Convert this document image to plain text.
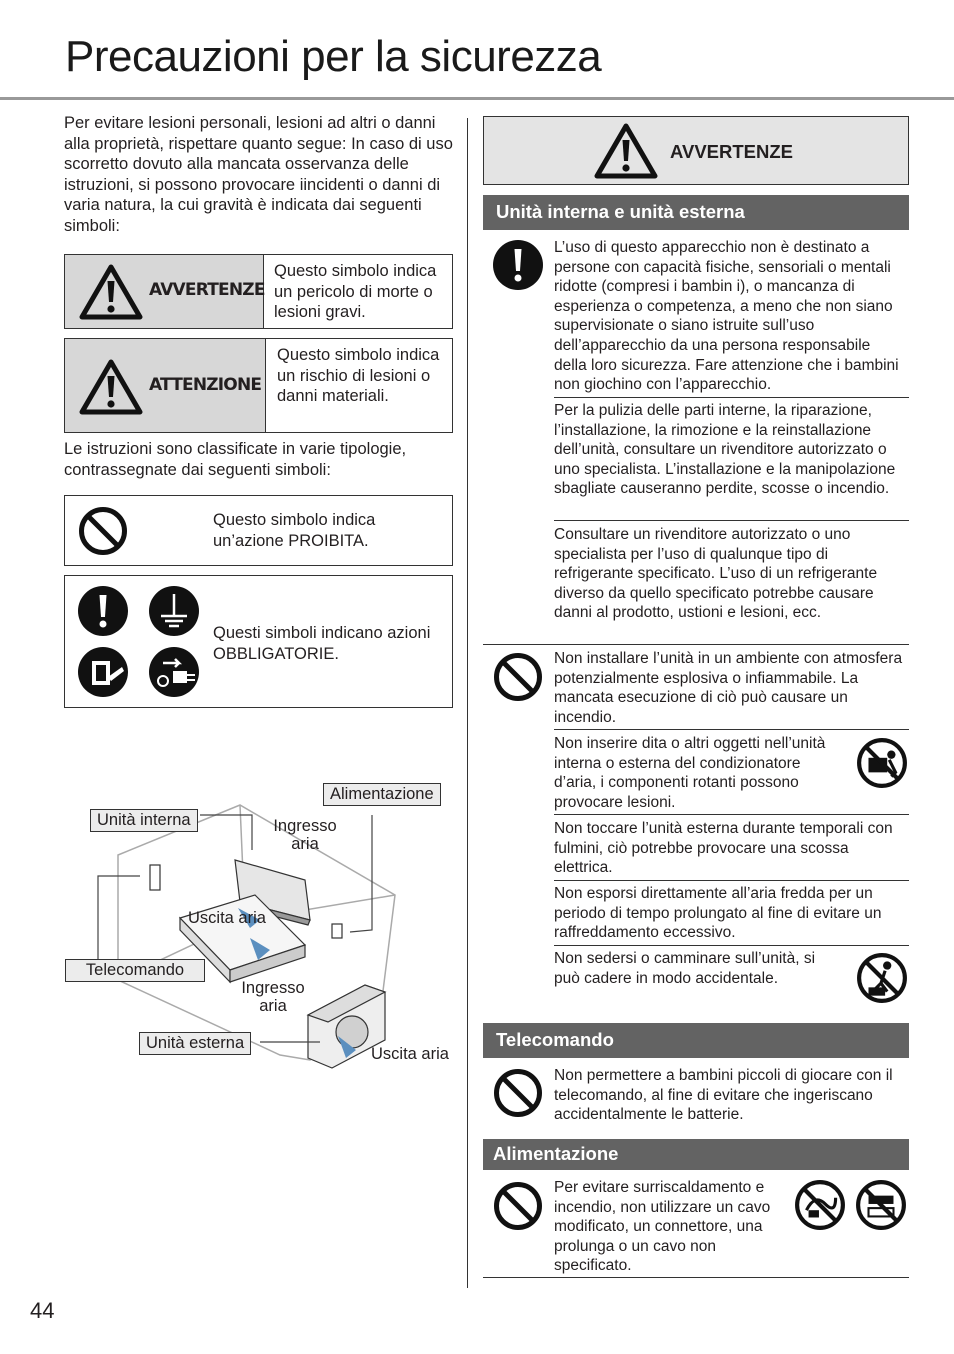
Precauzioni per la sicurezza
Per evitare lesioni personali, lesioni ad altri o danni alla proprietà, rispettare quanto segue: In caso di uso scorretto dovuto alla mancata osservanza delle istruzioni, si possono provocare iincidenti o danni di varia natura, la cui gravità è indicata dai seguenti simboli:
AVVERTENZE
Questo simbolo indica un pericolo di morte o lesioni gravi.
ATTENZIONE
Questo simbolo indica un rischio di lesioni o danni materiali.
Le istruzioni sono classificate in varie tipologie, contrassegnate dai seguenti simboli:
Questo simbolo indica un’azione PROIBITA.
Questi simboli indicano azioni OBBLIGATORIE.
Unità interna
Alimentazione
Ingresso aria
Uscita aria
Telecomando
Ingresso aria
Unità esterna
Uscita aria
AVVERTENZE
Unità interna e unità esterna
L’uso di questo apparecchio non è destinato a persone con capacità fisiche, sensoriali o mentali ridotte (compresi i bambin i), o mancanza di esperienza o competenza, a meno che non siano supervisionate o siano istruite sull’uso dell’apparecchio da una persona responsabile della loro sicurezza. Fare attenzione che i bambini non giochino con l’apparecchio.
Per la pulizia delle parti interne, la riparazione, l’installazione, la rimozione e la reinstallazione dell’unità, consultare un rivenditore autorizzato o uno specialista. L’installazione e la manipolazione sbagliate causeranno perdite, scosse o incendio.
Consultare un rivenditore autorizzato o uno specialista per l’uso di qualunque tipo di refrigerante specificato. L’uso di un refrigerante diverso da quello specificato potrebbe causare danni al prodotto, ustioni e lesioni, ecc.
Non installare l’unità in un ambiente con atmosfera potenzialmente esplosiva o infiammabile. La mancata esecuzione di ciò può causare un incendio.
Non inserire dita o altri oggetti nell’unità interna o esterna del condizionatore d’aria, i componenti rotanti possono provocare lesioni.
Non toccare l’unità esterna durante temporali con fulmini, ciò potrebbe provocare una scossa elettrica.
Non esporsi direttamente all’aria fredda per un periodo di tempo prolungato al fine di evitare un raffreddamento eccessivo.
Non sedersi o camminare sull’unità, si può cadere in modo accidentale.
Telecomando
Non permettere a bambini piccoli di giocare con il telecomando, al fine di evitare che ingeriscano accidentalmente le batterie.
Alimentazione
Per evitare surriscaldamento e incendio, non utilizzare un cavo modificato, un connettore, una prolunga o un cavo non specificato.
44
